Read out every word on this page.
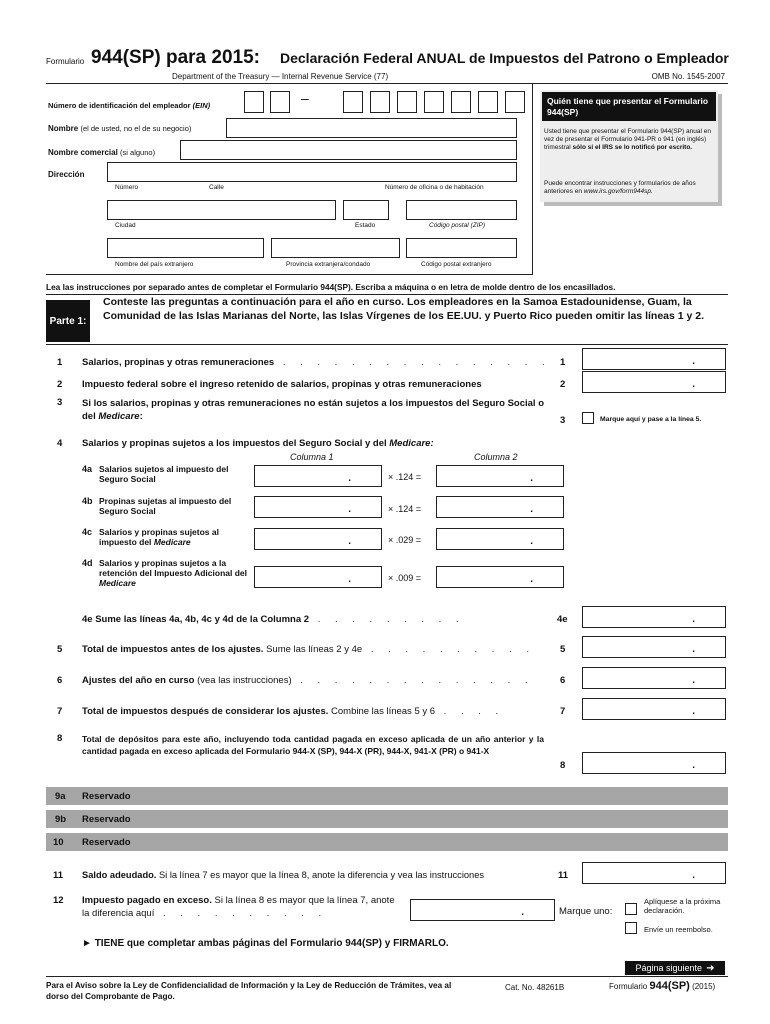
Formulario 944(SP) para 2015: Declaración Federal ANUAL de Impuestos del Patrono o Empleador
Department of the Treasury — Internal Revenue Service (77)	OMB No. 1545-2007
Número de identificación del empleador (EIN)	–
Nombre (el de usted, no el de su negocio)
Nombre comercial (si alguno)
Dirección
Número	Calle	Número de oficina o de habitación
Ciudad	Estado	Código postal (ZIP)
Nombre del país extranjero	Provincia extranjera/condado	Código postal extranjero
Quién tiene que presentar el Formulario 944(SP)
Usted tiene que presentar el Formulario 944(SP) anual en vez de presentar el Formulario 941-PR o 941 (en inglés) trimestral sólo si el IRS se lo notificó por escrito.
Puede encontrar instrucciones y formularios de años anteriores en www.irs.gov/form944sp.
Lea las instrucciones por separado antes de completar el Formulario 944(SP). Escriba a máquina o en letra de molde dentro de los encasillados.
Parte 1:
Conteste las preguntas a continuación para el año en curso. Los empleadores en la Samoa Estadounidense, Guam, la Comunidad de las Islas Marianas del Norte, las Islas Vírgenes de los EE.UU. y Puerto Rico pueden omitir las líneas 1 y 2.
1 Salarios, propinas y otras remuneraciones . . . . . . . . . . . . . . . . 1	.
2 Impuesto federal sobre el ingreso retenido de salarios, propinas y otras remuneraciones	2	.
3 Si los salarios, propinas y otras remuneraciones no están sujetos a los impuestos del Seguro Social o del Medicare:	3	Marque aquí y pase a la línea 5.
4 Salarios y propinas sujetos a los impuestos del Seguro Social y del Medicare:
Columna 1	Columna 2
4a Salarios sujetos al impuesto del Seguro Social	.	× .124 =	.
4b Propinas sujetas al impuesto del Seguro Social	.	× .124 =	.
4c Salarios y propinas sujetos al impuesto del Medicare	.	× .029 =	.
4d Salarios y propinas sujetos a la retención del Impuesto Adicional del Medicare	.	× .009 =	.
4e Sume las líneas 4a, 4b, 4c y 4d de la Columna 2 . . . . . . . . .	4e	.
5 Total de impuestos antes de los ajustes. Sume las líneas 2 y 4e . . . . . . . . . .	5	.
6 Ajustes del año en curso (vea las instrucciones) . . . . . . . . . . . . . .	6	.
7 Total de impuestos después de considerar los ajustes. Combine las líneas 5 y 6 . . . .	7	.
8 Total de depósitos para este año, incluyendo toda cantidad pagada en exceso aplicada de un año anterior y la cantidad pagada en exceso aplicada del Formulario 944-X (SP), 944-X (PR), 944-X, 941-X (PR) o 941-X
8	.
9a Reservado
9b Reservado
10 Reservado
11 Saldo adeudado. Si la línea 7 es mayor que la línea 8, anote la diferencia y vea las instrucciones	11	.
12 Impuesto pagado en exceso. Si la línea 8 es mayor que la línea 7, anote la diferencia aquí . . . . . . . . . .	.	Marque uno:
Aplíquese a la próxima declaración.
Envíe un reembolso.
► TIENE que completar ambas páginas del Formulario 944(SP) y FIRMARLO.
Página siguiente ➜
Para el Aviso sobre la Ley de Confidencialidad de Información y la Ley de Reducción de Trámites, vea al dorso del Comprobante de Pago.
Cat. No. 48261B	Formulario 944(SP) (2015)
